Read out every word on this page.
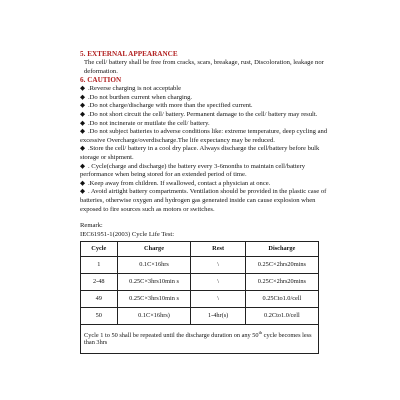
5. EXTERNAL APPEARANCE

The cell/ battery shall be free from cracks, scars, breakage, rust, Discoloration, leakage nor deformation.

6. CAUTION
◆ .Reverse charging is not acceptable
◆ .Do not burthen current when charging.
◆ .Do not charge/discharge with more than the specified current.
◆ .Do not short circuit the cell/ battery. Permanent damage to the cell/ battery may result.
◆ .Do not incinerate or mutilate the cell/ battery.
◆ .Do not subject batteries to adverse conditions like: extreme temperature, deep cycling and excessive Overcharge/overdischarge.The life expectancy may be reduced.
◆ .Store the cell/ battery in a cool dry place. Always discharge the cell/battery before bulk storage or shipment.
◆ . Cycle(charge and discharge) the battery every 3-6months to maintain cell/battery performance when being stored for an extended period of time.
◆ .Keep away from children. If swallowed, contact a physician at once.
◆ . Avoid airtight battery compartments. Ventilation should be provided in the plastic case of batteries, otherwise oxygen and hydrogen gas generated inside can cause explosion when exposed to fire sources such as motors or switches.
Remark:
IEC61951-1(2003) Cycle Life Test:
Cycle	Charge	Rest	Discharge
1	0.1C×16hrs	\	0.25C×2hrs20mins
2-48	0.25C×3hrs10min s	\	0.25C×2hrs20mins
49	0.25C×3hrs10min s	\	0.25Cto1.0/cell
50	0.1C×16hrs)	1-4hr(s)	0.2Cto1.0/cell
Cycle 1 to 50 shall be repeated until the discharge duration on any 50th cycle becomes less than 3hrs			
